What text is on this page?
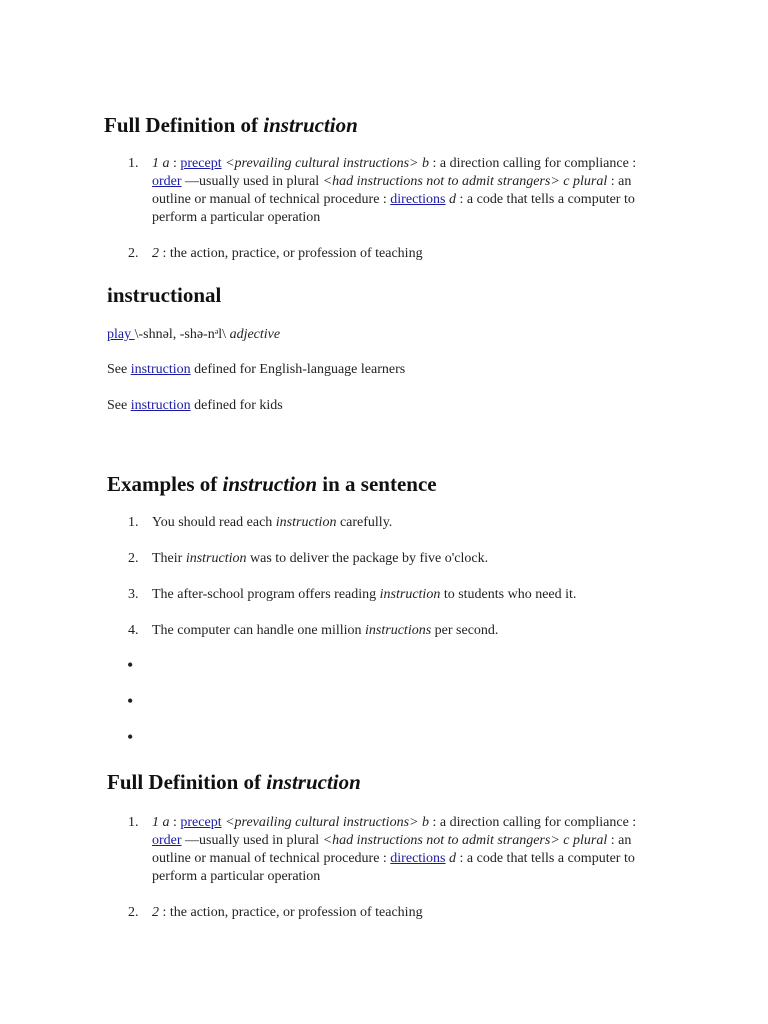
Full Definition of instruction
1. 1 a : precept <prevailing cultural instructions> b : a direction calling for compliance : order —usually used in plural <had instructions not to admit strangers> c plural : an outline or manual of technical procedure : directions d : a code that tells a computer to perform a particular operation
2. 2 : the action, practice, or profession of teaching
instructional

play \-shnəl, -shə-nᵊl\ adjective

See instruction defined for English-language learners

See instruction defined for kids

Examples of instruction in a sentence
1. You should read each instruction carefully.
2. Their instruction was to deliver the package by five o'clock.
3. The after-school program offers reading instruction to students who need it.
4. The computer can handle one million instructions per second.
•
•
•
Full Definition of instruction
1. 1 a : precept <prevailing cultural instructions> b : a direction calling for compliance : order —usually used in plural <had instructions not to admit strangers> c plural : an outline or manual of technical procedure : directions d : a code that tells a computer to perform a particular operation
2. 2 : the action, practice, or profession of teaching
